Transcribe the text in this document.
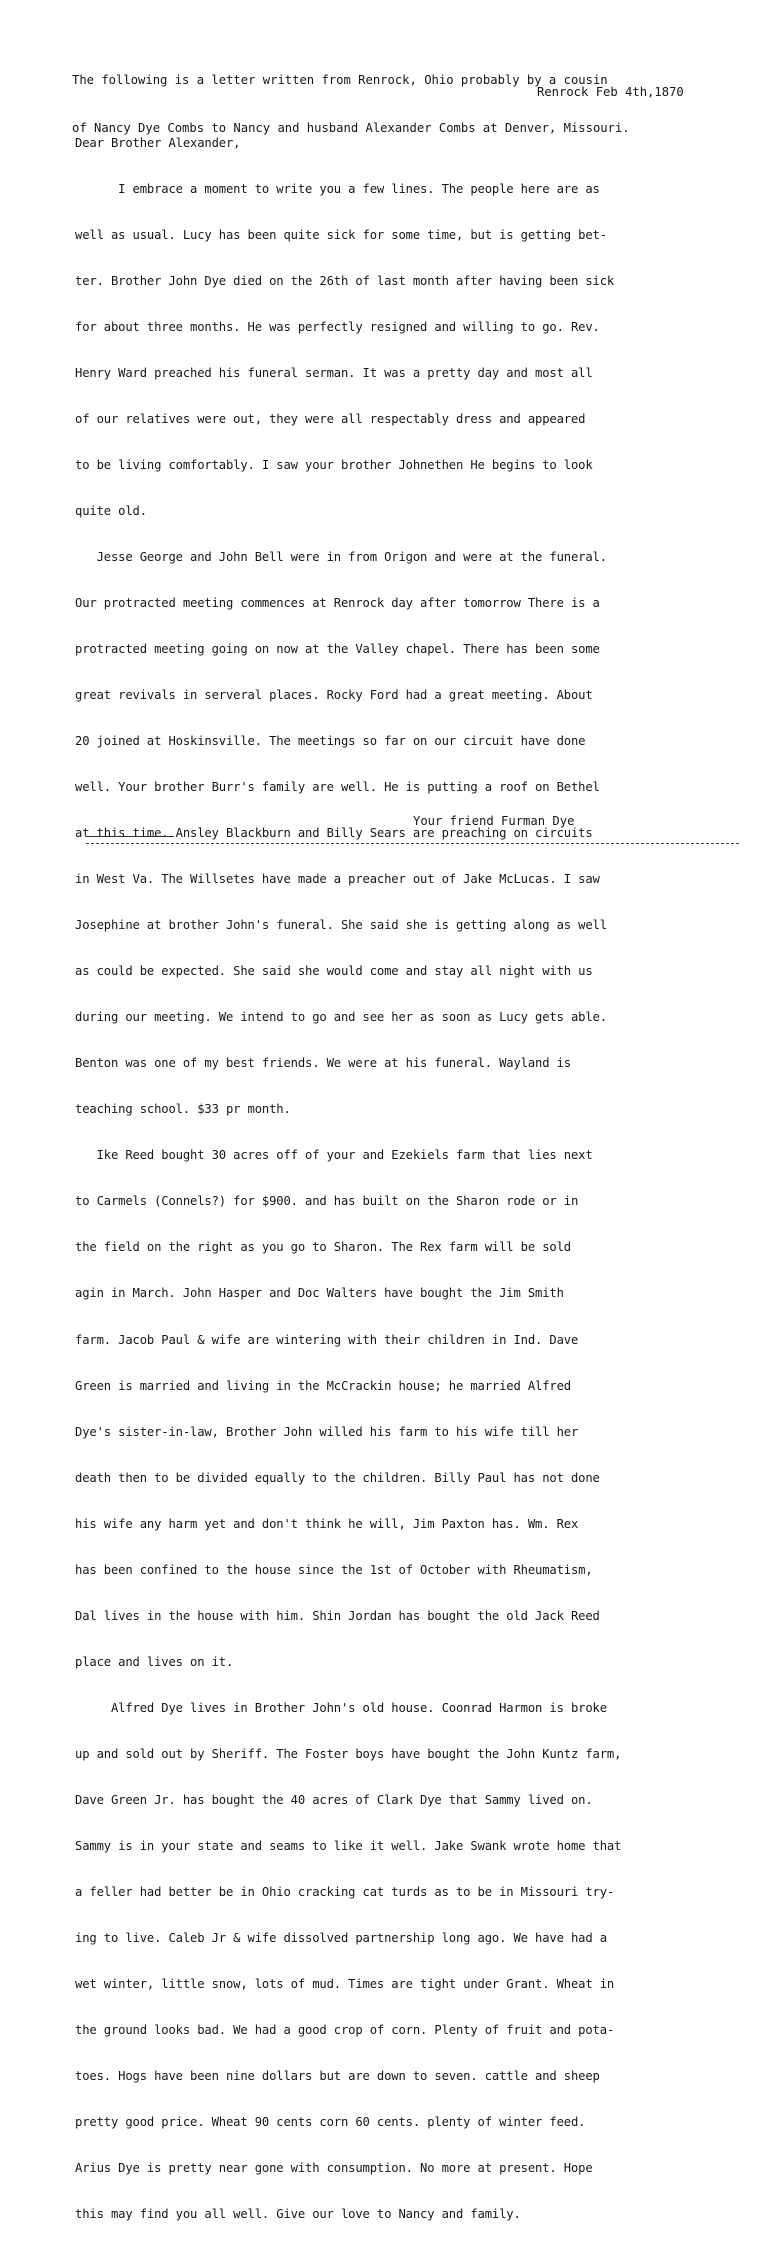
The following is a letter written from Renrock, Ohio probably by a cousin

of Nancy Dye Combs to Nancy and husband Alexander Combs at Denver, Missouri.

Renrock Feb 4th,1870

Dear Brother Alexander,

I embrace a moment to write you a few lines. The people here are as

well as usual. Lucy has been quite sick for some time, but is getting bet-

ter. Brother John Dye died on the 26th of last month after having been sick

for about three months. He was perfectly resigned and willing to go. Rev.

Henry Ward preached his funeral serman. It was a pretty day and most all

of our relatives were out, they were all respectably dress and appeared

to be living comfortably. I saw your brother Johnethen He begins to look

quite old.

Jesse George and John Bell were in from Origon and were at the funeral.

Our protracted meeting commences at Renrock day after tomorrow There is a

protracted meeting going on now at the Valley chapel. There has been some

great revivals in serveral places. Rocky Ford had a great meeting. About

20 joined at Hoskinsville. The meetings so far on our circuit have done

well. Your brother Burr's family are well. He is putting a roof on Bethel

at this time. Ansley Blackburn and Billy Sears are preaching on circuits

in West Va. The Willsetes have made a preacher out of Jake McLucas. I saw

Josephine at brother John's funeral. She said she is getting along as well

as could be expected. She said she would come and stay all night with us

during our meeting. We intend to go and see her as soon as Lucy gets able.

Benton was one of my best friends. We were at his funeral. Wayland is

teaching school. $33 pr month.

Ike Reed bought 30 acres off of your and Ezekiels farm that lies next

to Carmels (Connels?) for $900. and has built on the Sharon rode or in

the field on the right as you go to Sharon. The Rex farm will be sold

agin in March. John Hasper and Doc Walters have bought the Jim Smith

farm. Jacob Paul & wife are wintering with their children in Ind. Dave

Green is married and living in the McCrackin house; he married Alfred

Dye's sister-in-law, Brother John willed his farm to his wife till her

death then to be divided equally to the children. Billy Paul has not done

his wife any harm yet and don't think he will, Jim Paxton has. Wm. Rex

has been confined to the house since the 1st of October with Rheumatism,

Dal lives in the house with him. Shin Jordan has bought the old Jack Reed

place and lives on it.

Alfred Dye lives in Brother John's old house. Coonrad Harmon is broke

up and sold out by Sheriff. The Foster boys have bought the John Kuntz farm,

Dave Green Jr. has bought the 40 acres of Clark Dye that Sammy lived on.

Sammy is in your state and seams to like it well. Jake Swank wrote home that

a feller had better be in Ohio cracking cat turds as to be in Missouri try-

ing to live. Caleb Jr & wife dissolved partnership long ago. We have had a

wet winter, little snow, lots of mud. Times are tight under Grant. Wheat in

the ground looks bad. We had a good crop of corn. Plenty of fruit and pota-

toes. Hogs have been nine dollars but are down to seven. cattle and sheep

pretty good price. Wheat 90 cents corn 60 cents. plenty of winter feed.

Arius Dye is pretty near gone with consumption. No more at present. Hope

this may find you all well. Give our love to Nancy and family.

Your friend Furman Dye
